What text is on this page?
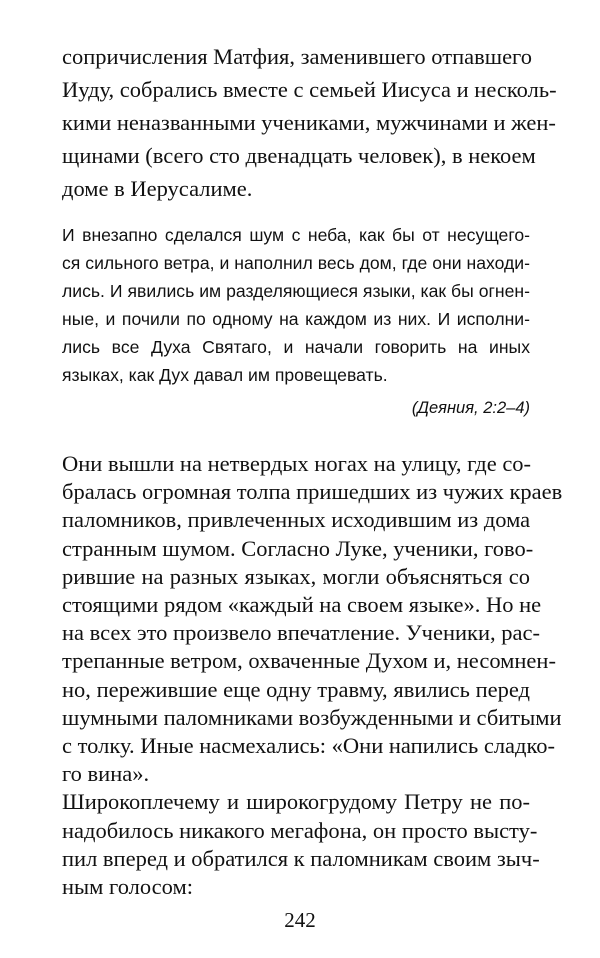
сопричисления Матфия, заменившего отпавшего
Иуду, собрались вместе с семьей Иисуса и несколь-
кими неназванными учениками, мужчинами и жен-
щинами (всего сто двенадцать человек), в некоем
доме в Иерусалиме.
И внезапно сделался шум с неба, как бы от несущего-
ся сильного ветра, и наполнил весь дом, где они находи-
лись. И явились им разделяющиеся языки, как бы огнен-
ные, и почили по одному на каждом из них. И исполни-
лись все Духа Святаго, и начали говорить на иных
языках, как Дух давал им провещевать.
(Деяния, 2:2–4)
Они вышли на нетвердых ногах на улицу, где со-
бралась огромная толпа пришедших из чужих краев
паломников, привлеченных исходившим из дома
странным шумом. Согласно Луке, ученики, гово-
рившие на разных языках, могли объясняться со
стоящими рядом «каждый на своем языке». Но не
на всех это произвело впечатление. Ученики, рас-
трепанные ветром, охваченные Духом и, несомнен-
но, пережившие еще одну травму, явились перед
шумными паломниками возбужденными и сбитыми
с толку. Иные насмехались: «Они напились сладко-
го вина».
Широкоплечему и широкогрудому Петру не по-
надобилось никакого мегафона, он просто высту-
пил вперед и обратился к паломникам своим зыч-
ным голосом:
242
